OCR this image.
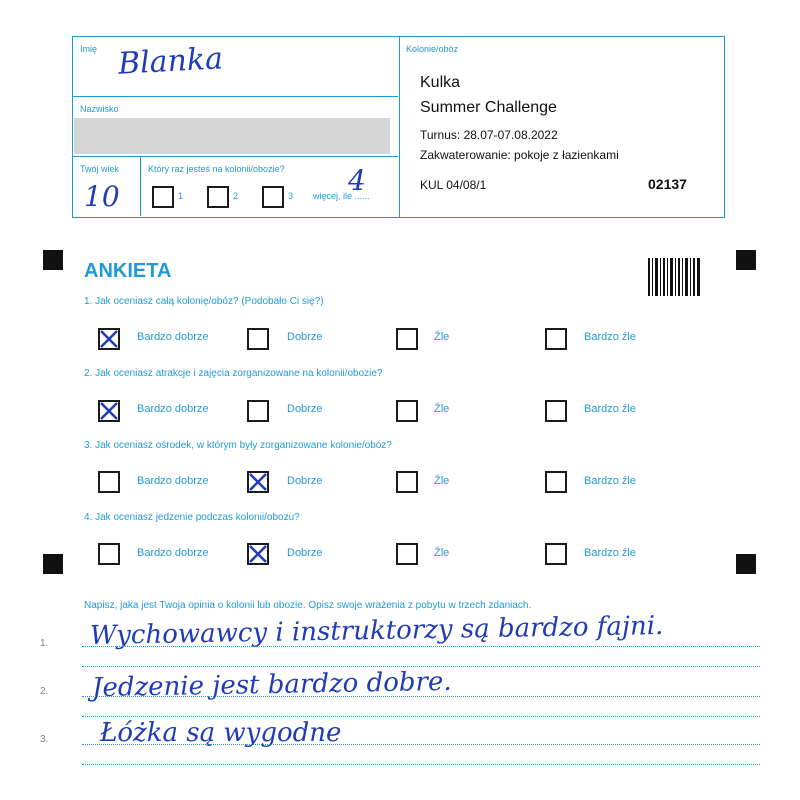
Imię Blanka
Nazwisko
Twój wiek
10
Który raz jesteś na kolonii/obozie?
1	2	3 więcej, ile ......
4
Kolonie/obóz
Kulka
Summer Challenge
Turnus: 28.07-07.08.2022
Zakwaterowanie: pokoje z łazienkami
KUL 04/08/1	02137
ANKIETA
1. Jak oceniasz całą kolonię/obóz? (Podobało Ci się?)
Bardzo dobrze	Dobrze	Źle	Bardzo źle
2. Jak oceniasz atrakcje i zajęcia zorganizowane na kolonii/obozie?
Bardzo dobrze	Dobrze	Źle	Bardzo źle
3. Jak oceniasz ośrodek, w którym były zorganizowane kolonie/obóz?
Bardzo dobrze	Dobrze	Źle	Bardzo źle
4. Jak oceniasz jedzenie podczas kolonii/obozu?
Bardzo dobrze	Dobrze	Źle	Bardzo źle
Napisz, jaka jest Twoja opinia o kolonii lub obozie. Opisz swoje wrażenia z pobytu w trzech zdaniach.
1. Wychowawcy i instruktorzy są bardzo fajni.
2. Jedzenie jest bardzo dobre.
3. Łóżka są wygodne
